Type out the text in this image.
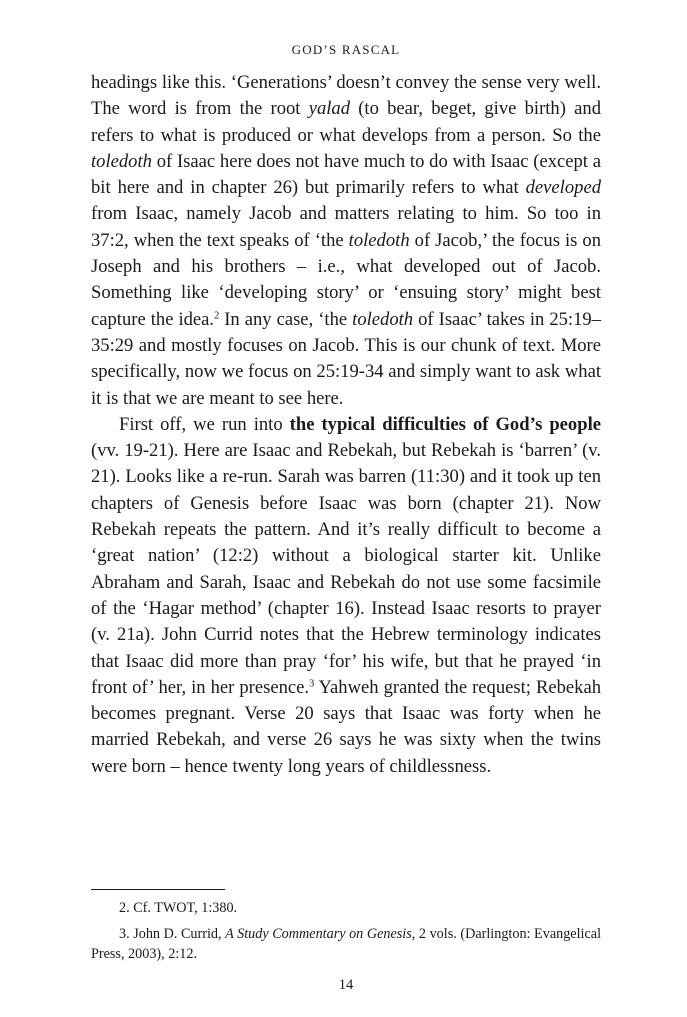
GOD’S RASCAL

headings like this. ‘Generations’ doesn’t convey the sense very well. The word is from the root yalad (to bear, beget, give birth) and refers to what is produced or what develops from a person. So the toledoth of Isaac here does not have much to do with Isaac (except a bit here and in chapter 26) but primarily refers to what developed from Isaac, namely Jacob and matters relating to him. So too in 37:2, when the text speaks of ‘the toledoth of Jacob,’ the focus is on Joseph and his brothers – i.e., what developed out of Jacob. Something like ‘developing story’ or ‘ensuing story’ might best capture the idea.$^2$ In any case, ‘the toledoth of Isaac’ takes in 25:19–35:29 and mostly focuses on Jacob. This is our chunk of text. More specifically, now we focus on 25:19-34 and simply want to ask what it is that we are meant to see here.

First off, we run into the typical difficulties of God’s people (vv. 19-21). Here are Isaac and Rebekah, but Rebekah is ‘barren’ (v. 21). Looks like a re-run. Sarah was barren (11:30) and it took up ten chapters of Genesis before Isaac was born (chapter 21). Now Rebekah repeats the pattern. And it’s really difficult to become a ‘great nation’ (12:2) without a biological starter kit. Unlike Abraham and Sarah, Isaac and Rebekah do not use some facsimile of the ‘Hagar method’ (chapter 16). Instead Isaac resorts to prayer (v. 21a). John Currid notes that the Hebrew terminology indicates that Isaac did more than pray ‘for’ his wife, but that he prayed ‘in front of’ her, in her presence.$^3$ Yahweh granted the request; Rebekah becomes pregnant. Verse 20 says that Isaac was forty when he married Rebekah, and verse 26 says he was sixty when the twins were born – hence twenty long years of childlessness.

2. Cf. TWOT, 1:380.

3. John D. Currid, A Study Commentary on Genesis, 2 vols. (Darlington: Evangelical Press, 2003), 2:12.

14
